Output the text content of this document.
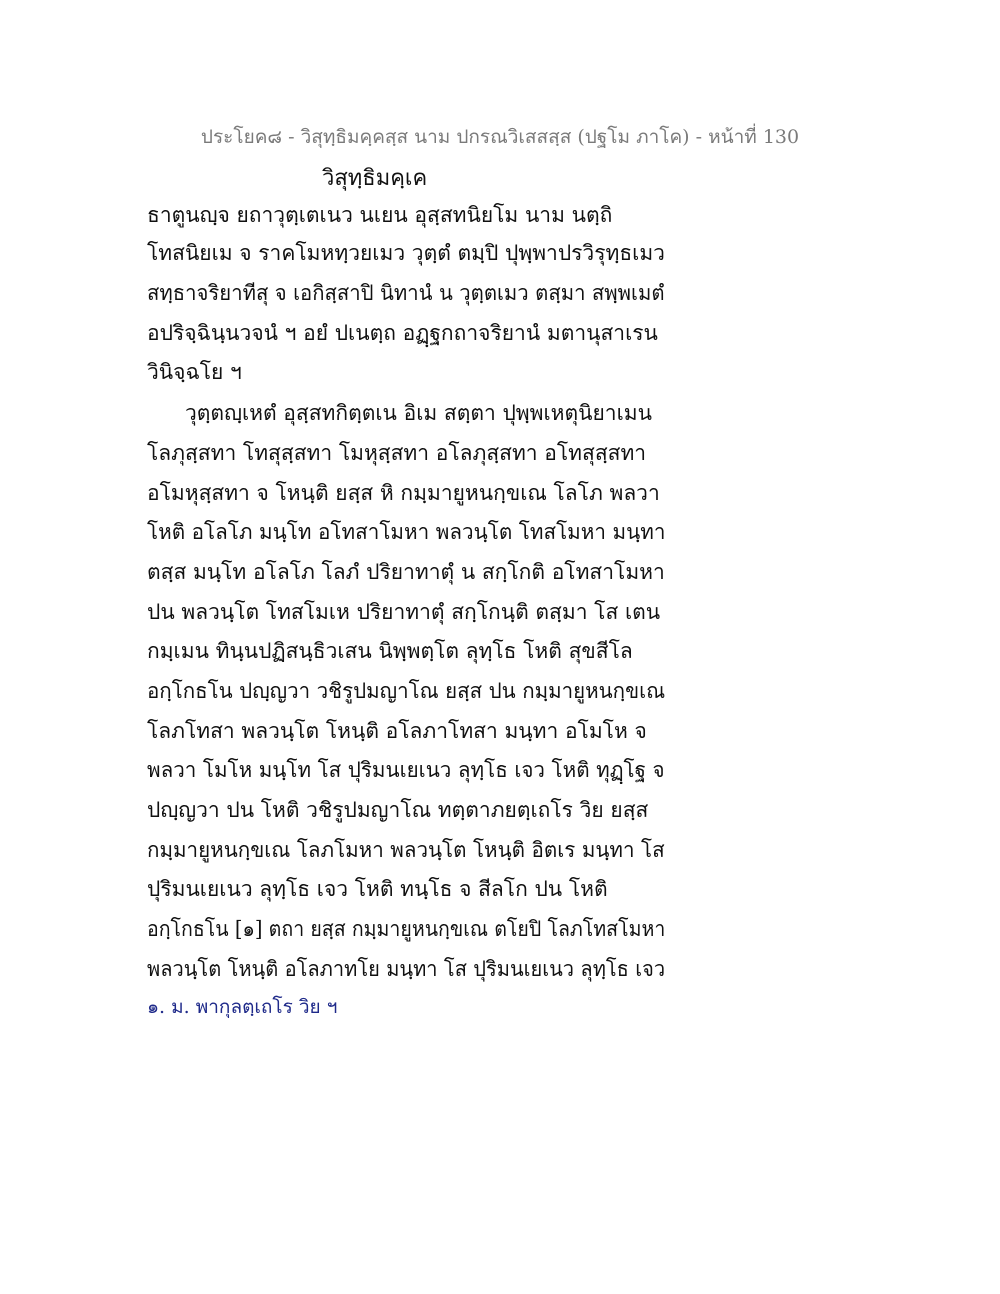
ประโยค๘ - วิสุทฺธิมคฺคสฺส นาม ปกรณวิเสสสฺส (ปฐโม ภาโค) - หน้าที่ 130
วิสุทฺธิมคฺเค
ธาตูนญฺจ ยถาวุตฺเตเนว นเยน อุสฺสทนิยโม นาม นตฺถิ
โทสนิยเม จ ราคโมหทฺวยเมว วุตฺตํ ตมฺปิ ปุพฺพาปรวิรุทฺธเมว
สทฺธาจริยาทีสุ จ เอกิสฺสาปิ นิทานํ น วุตฺตเมว ตสฺมา สพฺพเมตํ
อปริจฺฉินฺนวจนํ ฯ อยํ ปเนตฺถ อฏฺฐกถาจริยานํ มตานุสาเรน
วินิจฺฉโย ฯ
วุตฺตญฺเหตํ อุสฺสทกิตฺตเน อิเม สตฺตา ปุพฺพเหตุนิยาเมน
โลภุสฺสทา โทสุสฺสทา โมหุสฺสทา อโลภุสฺสทา อโทสุสฺสทา
อโมหุสฺสทา จ โหนฺติ ยสฺส หิ กมฺมายูหนกฺขเณ โลโภ พลวา
โหติ อโลโภ มนฺโท อโทสาโมหา พลวนฺโต โทสโมหา มนฺทา
ตสฺส มนฺโท อโลโภ โลภํ ปริยาทาตุํ น สกฺโกติ อโทสาโมหา
ปน พลวนฺโต โทสโมเห ปริยาทาตุํ สกฺโกนฺติ ตสฺมา โส เตน
กมฺเมน ทินฺนปฏิสนฺธิวเสน นิพฺพตฺโต ลุทฺโธ โหติ สุขสีโล
อกฺโกธโน ปญฺญวา วชิรูปมญาโณ ยสฺส ปน กมฺมายูหนกฺขเณ
โลภโทสา พลวนฺโต โหนฺติ อโลภาโทสา มนฺทา อโมโห จ
พลวา โมโห มนฺโท โส ปุริมนเยเนว ลุทฺโธ เจว โหติ ทุฏฺโฐ จ
ปญฺญวา ปน โหติ วชิรูปมญาโณ ทตฺตาภยตฺเถโร วิย ยสฺส
กมฺมายูหนกฺขเณ โลภโมหา พลวนฺโต โหนฺติ อิตเร มนฺทา โส
ปุริมนเยเนว ลุทฺโธ เจว โหติ ทนฺโธ จ สีลโก ปน โหติ
อกฺโกธโน [๑] ตถา ยสฺส กมฺมายูหนกฺขเณ ตโยปิ โลภโทสโมหา
พลวนฺโต โหนฺติ อโลภาทโย มนฺทา โส ปุริมนเยเนว ลุทฺโธ เจว
๑. ม. พากุลตฺเถโร วิย ฯ
